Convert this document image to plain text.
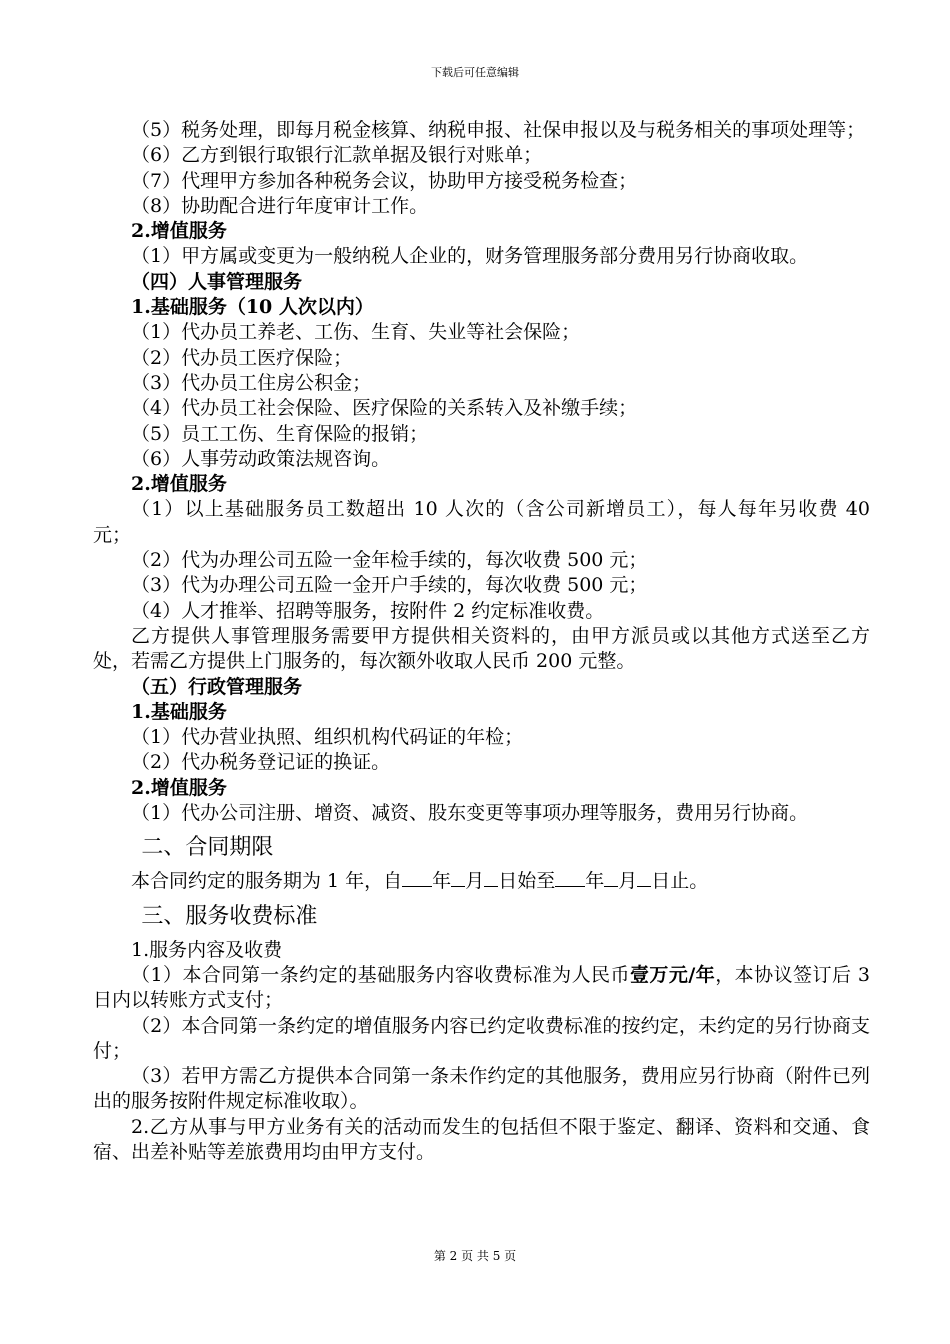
下载后可任意编辑

（5）税务处理，即每月税金核算、纳税申报、社保申报以及与税务相关的事项处理等；

（6）乙方到银行取银行汇款单据及银行对账单；

（7）代理甲方参加各种税务会议，协助甲方接受税务检查；

（8）协助配合进行年度审计工作。

2.增值服务

（1）甲方属或变更为一般纳税人企业的，财务管理服务部分费用另行协商收取。

（四）人事管理服务

1.基础服务（10 人次以内）

（1）代办员工养老、工伤、生育、失业等社会保险；

（2）代办员工医疗保险；

（3）代办员工住房公积金；

（4）代办员工社会保险、医疗保险的关系转入及补缴手续；

（5）员工工伤、生育保险的报销；

（6）人事劳动政策法规咨询。

2.增值服务

（1）以上基础服务员工数超出 10 人次的（含公司新增员工），每人每年另收费 40 元；

（2）代为办理公司五险一金年检手续的，每次收费 500 元；

（3）代为办理公司五险一金开户手续的，每次收费 500 元；

（4）人才推举、招聘等服务，按附件 2 约定标准收费。

乙方提供人事管理服务需要甲方提供相关资料的，由甲方派员或以其他方式送至乙方处，若需乙方提供上门服务的，每次额外收取人民币 200 元整。

（五）行政管理服务

1.基础服务

（1）代办营业执照、组织机构代码证的年检；

（2）代办税务登记证的换证。

2.增值服务

（1）代办公司注册、增资、减资、股东变更等事项办理等服务，费用另行协商。

二、合同期限

本合同约定的服务期为 1 年，自 年 月 日始至 年 月 日止。

三、服务收费标准

1.服务内容及收费

（1）本合同第一条约定的基础服务内容收费标准为人民币壹万元/年，本协议签订后 3 日内以转账方式支付；

（2）本合同第一条约定的增值服务内容已约定收费标准的按约定，未约定的另行协商支付；

（3）若甲方需乙方提供本合同第一条未作约定的其他服务，费用应另行协商（附件已列出的服务按附件规定标准收取）。

2.乙方从事与甲方业务有关的活动而发生的包括但不限于鉴定、翻译、资料和交通、食宿、出差补贴等差旅费用均由甲方支付。

第 2 页 共 5 页
